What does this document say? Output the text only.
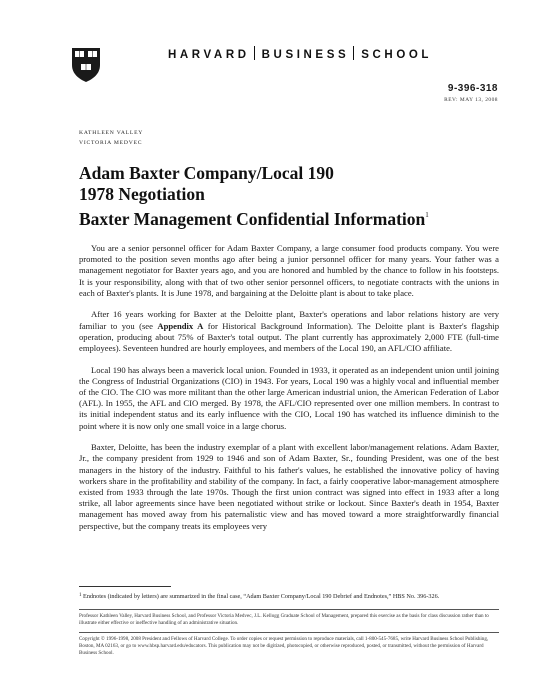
HARVARD BUSINESS SCHOOL
9-396-318
REV: MAY 13, 2008
KATHLEEN VALLEY
VICTORIA MEDVEC
Adam Baxter Company/Local 190
1978 Negotiation
Baxter Management Confidential Information$^1$

You are a senior personnel officer for Adam Baxter Company, a large consumer food products company. You were promoted to the position seven months ago after being a junior personnel officer for many years. Your father was a management negotiator for Baxter years ago, and you are honored and humbled by the chance to follow in his footsteps. It is your responsibility, along with that of two other senior personnel officers, to negotiate contracts with the unions in each of Baxter's plants. It is June 1978, and bargaining at the Deloitte plant is about to take place.

After 16 years working for Baxter at the Deloitte plant, Baxter's operations and labor relations history are very familiar to you (see Appendix A for Historical Background Information). The Deloitte plant is Baxter's flagship operation, producing about 75% of Baxter's total output. The plant currently has approximately 2,000 FTE (full-time employees). Seventeen hundred are hourly employees, and members of the Local 190, an AFL/CIO affiliate.

Local 190 has always been a maverick local union. Founded in 1933, it operated as an independent union until joining the Congress of Industrial Organizations (CIO) in 1943. For years, Local 190 was a highly vocal and influential member of the CIO. The CIO was more militant than the other large American industrial union, the American Federation of Labor (AFL). In 1955, the AFL and CIO merged. By 1978, the AFL/CIO represented over one million members. In contrast to its initial independent status and its early influence with the CIO, Local 190 has watched its influence diminish to the point where it is now only one small voice in a large chorus.

Baxter, Deloitte, has been the industry exemplar of a plant with excellent labor/management relations. Adam Baxter, Jr., the company president from 1929 to 1946 and son of Adam Baxter, Sr., founding President, was one of the best managers in the history of the industry. Faithful to his father's values, he established the innovative policy of having workers share in the profitability and stability of the company. In fact, a fairly cooperative labor-management atmosphere existed from 1933 through the late 1970s. Though the first union contract was signed into effect in 1933 after a long strike, all labor agreements since have been negotiated without strike or lockout. Since Baxter's death in 1954, Baxter management has moved away from his paternalistic view and has moved toward a more straightforwardly financial perspective, but the company treats its employees very

$^1$ Endnotes (indicated by letters) are summarized in the final case, “Adam Baxter Company/Local 190 Debrief and Endnotes,” HBS No. 396-326.
Professor Kathleen Valley, Harvard Business School, and Professor Victoria Medvec, J.L. Kellogg Graduate School of Management, prepared this exercise as the basis for class discussion rather than to illustrate either effective or ineffective handling of an administrative situation.
Copyright © 1996-1998, 2008 President and Fellows of Harvard College. To order copies or request permission to reproduce materials, call 1-800-545-7685, write Harvard Business School Publishing, Boston, MA 02163, or go to www.hbsp.harvard.edu/educators. This publication may not be digitized, photocopied, or otherwise reproduced, posted, or transmitted, without the permission of Harvard Business School.
